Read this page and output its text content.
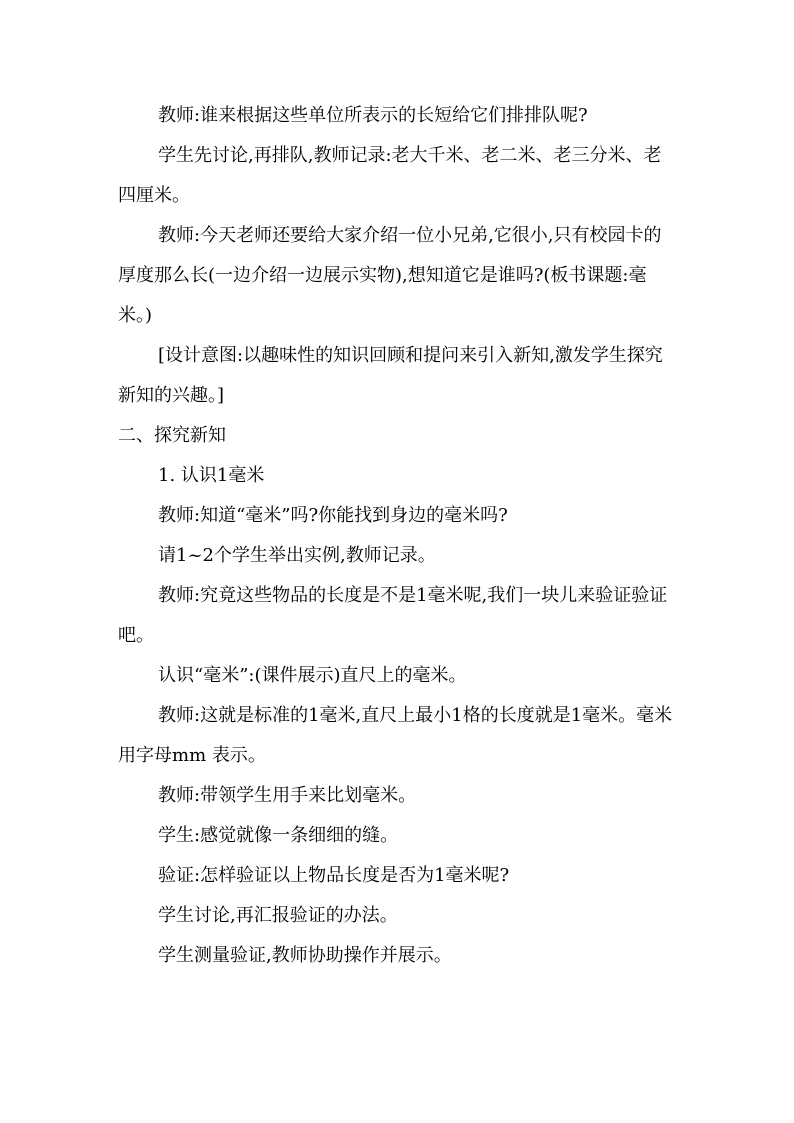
教师:谁来根据这些单位所表示的长短给它们排排队呢?

学生先讨论,再排队,教师记录:老大千米、老二米、老三分米、老四厘米。

教师:今天老师还要给大家介绍一位小兄弟,它很小,只有校园卡的厚度那么长(一边介绍一边展示实物),想知道它是谁吗?(板书课题:毫米。)

[设计意图:以趣味性的知识回顾和提问来引入新知,激发学生探究新知的兴趣。]

二、探究新知

1. 认识1毫米

教师:知道“毫米”吗?你能找到身边的毫米吗?

请1~2个学生举出实例,教师记录。

教师:究竟这些物品的长度是不是1毫米呢,我们一块儿来验证验证吧。

认识“毫米”:(课件展示)直尺上的毫米。

教师:这就是标准的1毫米,直尺上最小1格的长度就是1毫米。毫米用字母mm 表示。

教师:带领学生用手来比划毫米。

学生:感觉就像一条细细的缝。

验证:怎样验证以上物品长度是否为1毫米呢?

学生讨论,再汇报验证的办法。

学生测量验证,教师协助操作并展示。
